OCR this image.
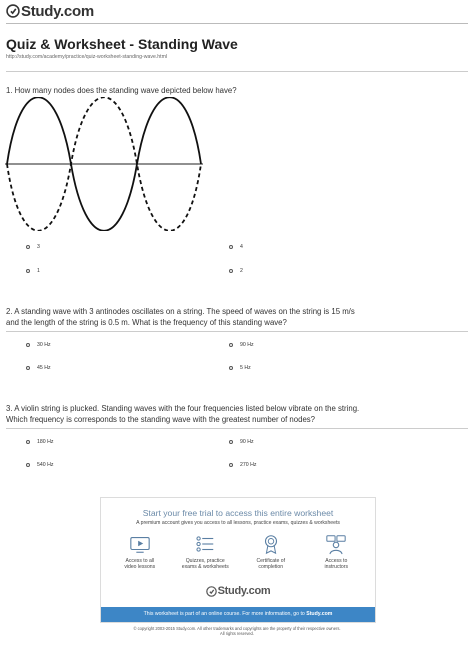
Study.com
Quiz & Worksheet - Standing Wave
http://study.com/academy/practice/quiz-worksheet-standing-wave.html
1. How many nodes does the standing wave depicted below have?
3	4
1	2
2. A standing wave with 3 antinodes oscillates on a string. The speed of waves on the string is 15 m/s
and the length of the string is 0.5 m. What is the frequency of this standing wave?
30 Hz	90 Hz
45 Hz	5 Hz
3. A violin string is plucked. Standing waves with the four frequencies listed below vibrate on the string.
Which frequency is corresponds to the standing wave with the greatest number of nodes?
180 Hz	90 Hz
540 Hz	270 Hz
Start your free trial to access this entire worksheet
A premium account gives you access to all lessons, practice exams, quizzes & worksheets
Access to all
video lessons
Quizzes, practice
exams & worksheets
Certificate of
completion
Access to
instructors
Study.com
This worksheet is part of an online course. For more information, go to Study.com
© copyright 2003-2015 Study.com. All other trademarks and copyrights are the property of their respective owners.
All rights reserved.
